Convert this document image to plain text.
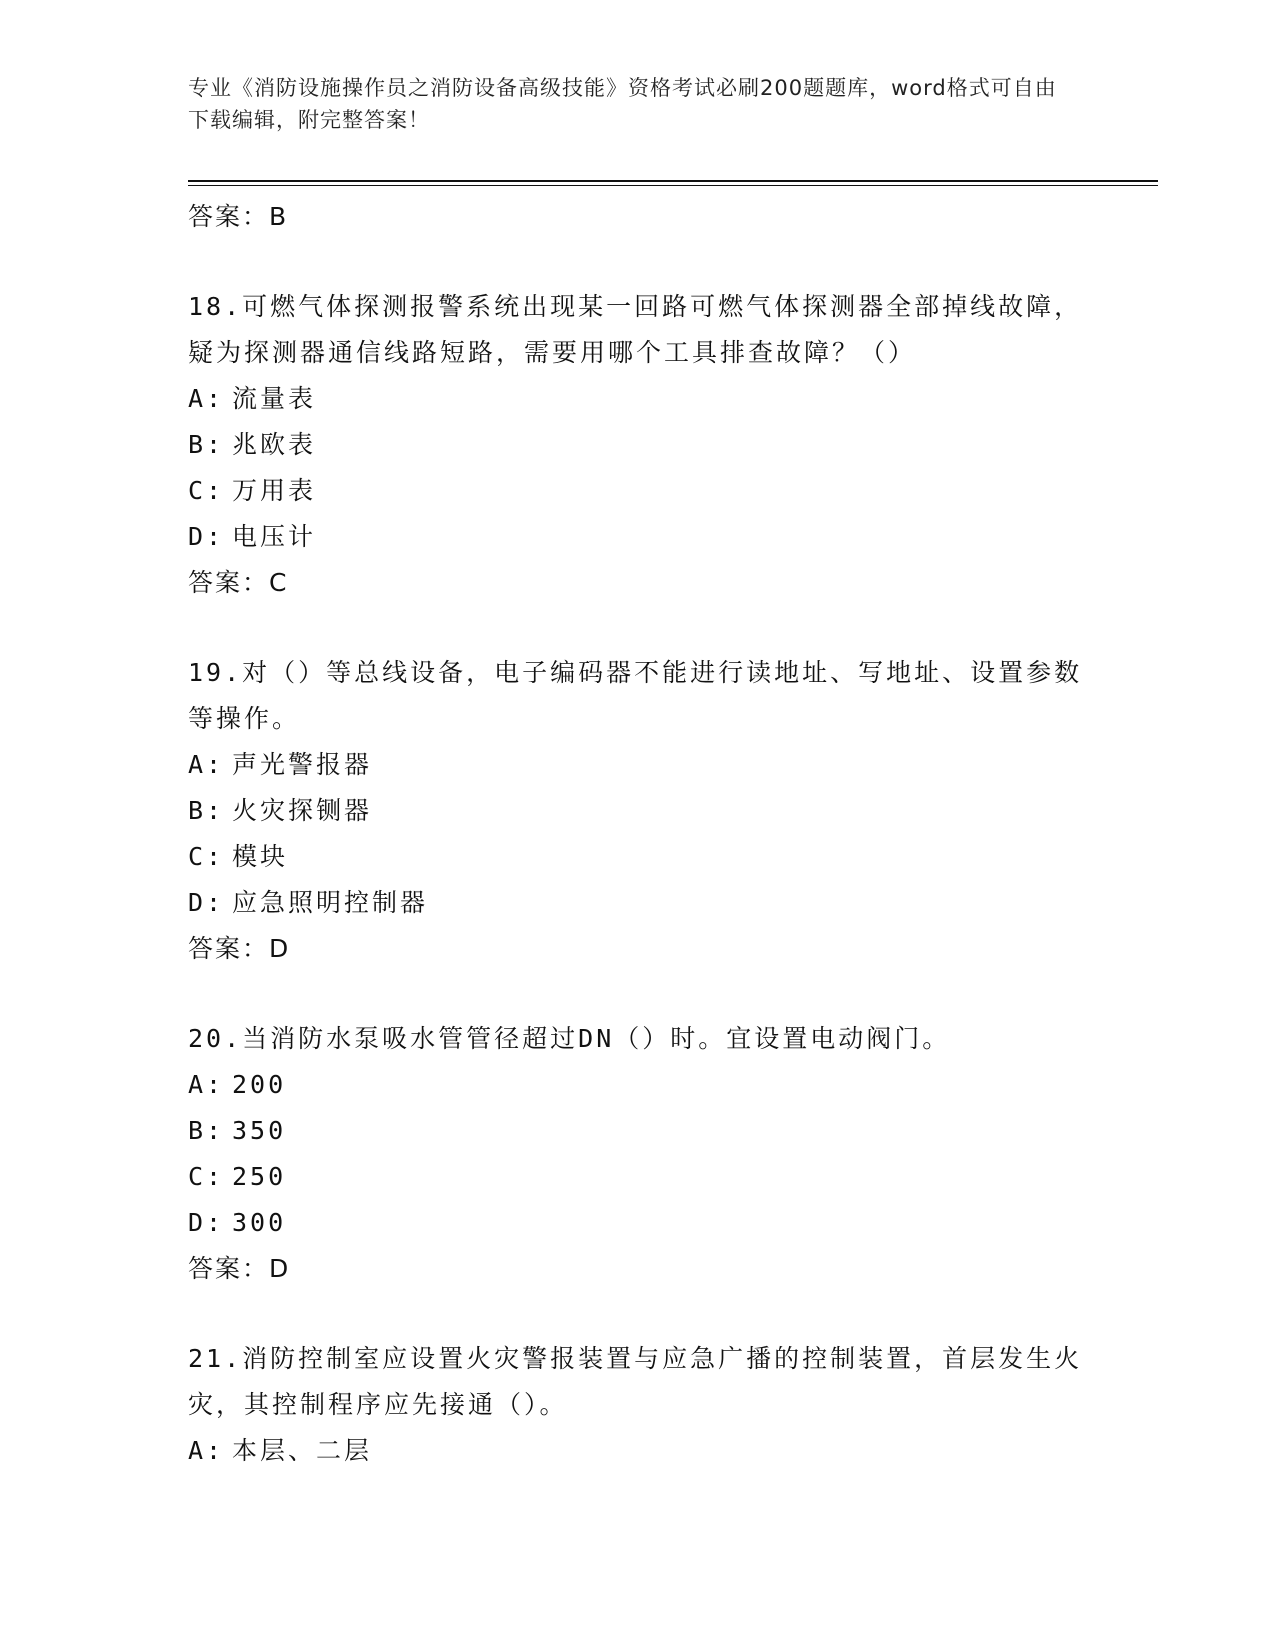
专业《消防设施操作员之消防设备高级技能》资格考试必刷200题题库，word格式可自由下载编辑，附完整答案！
答案：B
18.可燃气体探测报警系统出现某一回路可燃气体探测器全部掉线故障，疑为探测器通信线路短路，需要用哪个工具排查故障？（）
A: 流量表
B: 兆欧表
C: 万用表
D: 电压计
答案：C
19.对（）等总线设备，电子编码器不能进行读地址、写地址、设置参数等操作。
A: 声光警报器
B: 火灾探铡器
C: 模块
D: 应急照明控制器
答案：D
20.当消防水泵吸水管管径超过DN（）时。宜设置电动阀门。
A: 200
B: 350
C: 250
D: 300
答案：D
21.消防控制室应设置火灾警报装置与应急广播的控制装置，首层发生火灾，其控制程序应先接通（）。
A: 本层、二层
